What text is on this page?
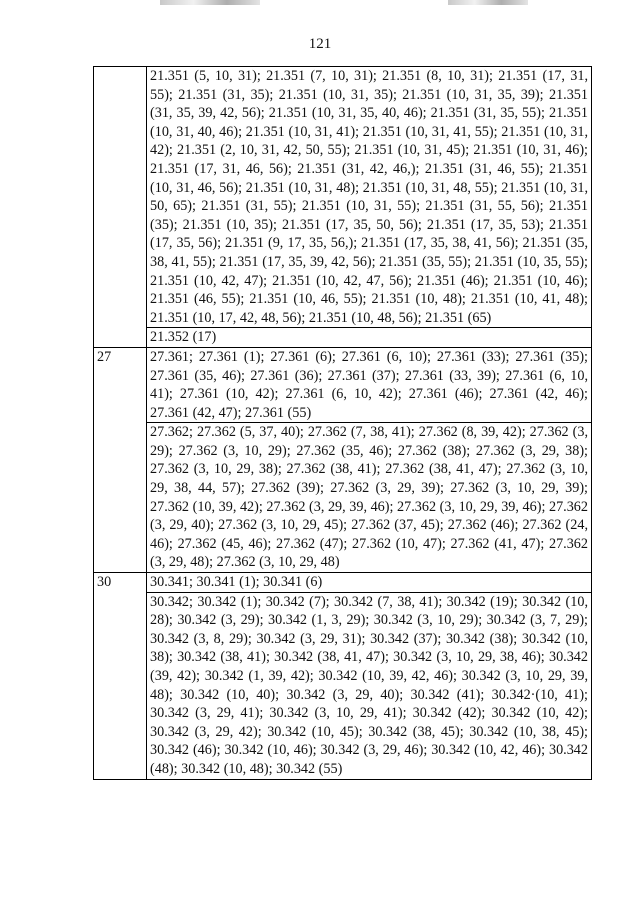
121
	21.351 (5, 10, 31); 21.351 (7, 10, 31); 21.351 (8, 10, 31); 21.351 (17, 31, 55); 21.351 (31, 35); 21.351 (10, 31, 35); 21.351 (10, 31, 35, 39); 21.351 (31, 35, 39, 42, 56); 21.351 (10, 31, 35, 40, 46); 21.351 (31, 35, 55); 21.351 (10, 31, 40, 46); 21.351 (10, 31, 41); 21.351 (10, 31, 41, 55); 21.351 (10, 31, 42); 21.351 (2, 10, 31, 42, 50, 55); 21.351 (10, 31, 45); 21.351 (10, 31, 46); 21.351 (17, 31, 46, 56); 21.351 (31, 42, 46,); 21.351 (31, 46, 55); 21.351 (10, 31, 46, 56); 21.351 (10, 31, 48); 21.351 (10, 31, 48, 55); 21.351 (10, 31, 50, 65); 21.351 (31, 55); 21.351 (10, 31, 55); 21.351 (31, 55, 56); 21.351 (35); 21.351 (10, 35); 21.351 (17, 35, 50, 56); 21.351 (17, 35, 53); 21.351 (17, 35, 56); 21.351 (9, 17, 35, 56,); 21.351 (17, 35, 38, 41, 56); 21.351 (35, 38, 41, 55); 21.351 (17, 35, 39, 42, 56); 21.351 (35, 55); 21.351 (10, 35, 55); 21.351 (10, 42, 47); 21.351 (10, 42, 47, 56); 21.351 (46); 21.351 (10, 46); 21.351 (46, 55); 21.351 (10, 46, 55); 21.351 (10, 48); 21.351 (10, 41, 48); 21.351 (10, 17, 42, 48, 56); 21.351 (10, 48, 56); 21.351 (65)
	21.352 (17)
27	27.361; 27.361 (1); 27.361 (6); 27.361 (6, 10); 27.361 (33); 27.361 (35); 27.361 (35, 46); 27.361 (36); 27.361 (37); 27.361 (33, 39); 27.361 (6, 10, 41); 27.361 (10, 42); 27.361 (6, 10, 42); 27.361 (46); 27.361 (42, 46); 27.361 (42, 47); 27.361 (55)
	27.362; 27.362 (5, 37, 40); 27.362 (7, 38, 41); 27.362 (8, 39, 42); 27.362 (3, 29); 27.362 (3, 10, 29); 27.362 (35, 46); 27.362 (38); 27.362 (3, 29, 38); 27.362 (3, 10, 29, 38); 27.362 (38, 41); 27.362 (38, 41, 47); 27.362 (3, 10, 29, 38, 44, 57); 27.362 (39); 27.362 (3, 29, 39); 27.362 (3, 10, 29, 39); 27.362 (10, 39, 42); 27.362 (3, 29, 39, 46); 27.362 (3, 10, 29, 39, 46); 27.362 (3, 29, 40); 27.362 (3, 10, 29, 45); 27.362 (37, 45); 27.362 (46); 27.362 (24, 46); 27.362 (45, 46); 27.362 (47); 27.362 (10, 47); 27.362 (41, 47); 27.362 (3, 29, 48); 27.362 (3, 10, 29, 48)
30	30.341; 30.341 (1); 30.341 (6)
	30.342; 30.342 (1); 30.342 (7); 30.342 (7, 38, 41); 30.342 (19); 30.342 (10, 28); 30.342 (3, 29); 30.342 (1, 3, 29); 30.342 (3, 10, 29); 30.342 (3, 7, 29); 30.342 (3, 8, 29); 30.342 (3, 29, 31); 30.342 (37); 30.342 (38); 30.342 (10, 38); 30.342 (38, 41); 30.342 (38, 41, 47); 30.342 (3, 10, 29, 38, 46); 30.342 (39, 42); 30.342 (1, 39, 42); 30.342 (10, 39, 42, 46); 30.342 (3, 10, 29, 39, 48); 30.342 (10, 40); 30.342 (3, 29, 40); 30.342 (41); 30.342·(10, 41); 30.342 (3, 29, 41); 30.342 (3, 10, 29, 41); 30.342 (42); 30.342 (10, 42); 30.342 (3, 29, 42); 30.342 (10, 45); 30.342 (38, 45); 30.342 (10, 38, 45); 30.342 (46); 30.342 (10, 46); 30.342 (3, 29, 46); 30.342 (10, 42, 46); 30.342 (48); 30.342 (10, 48); 30.342 (55)
